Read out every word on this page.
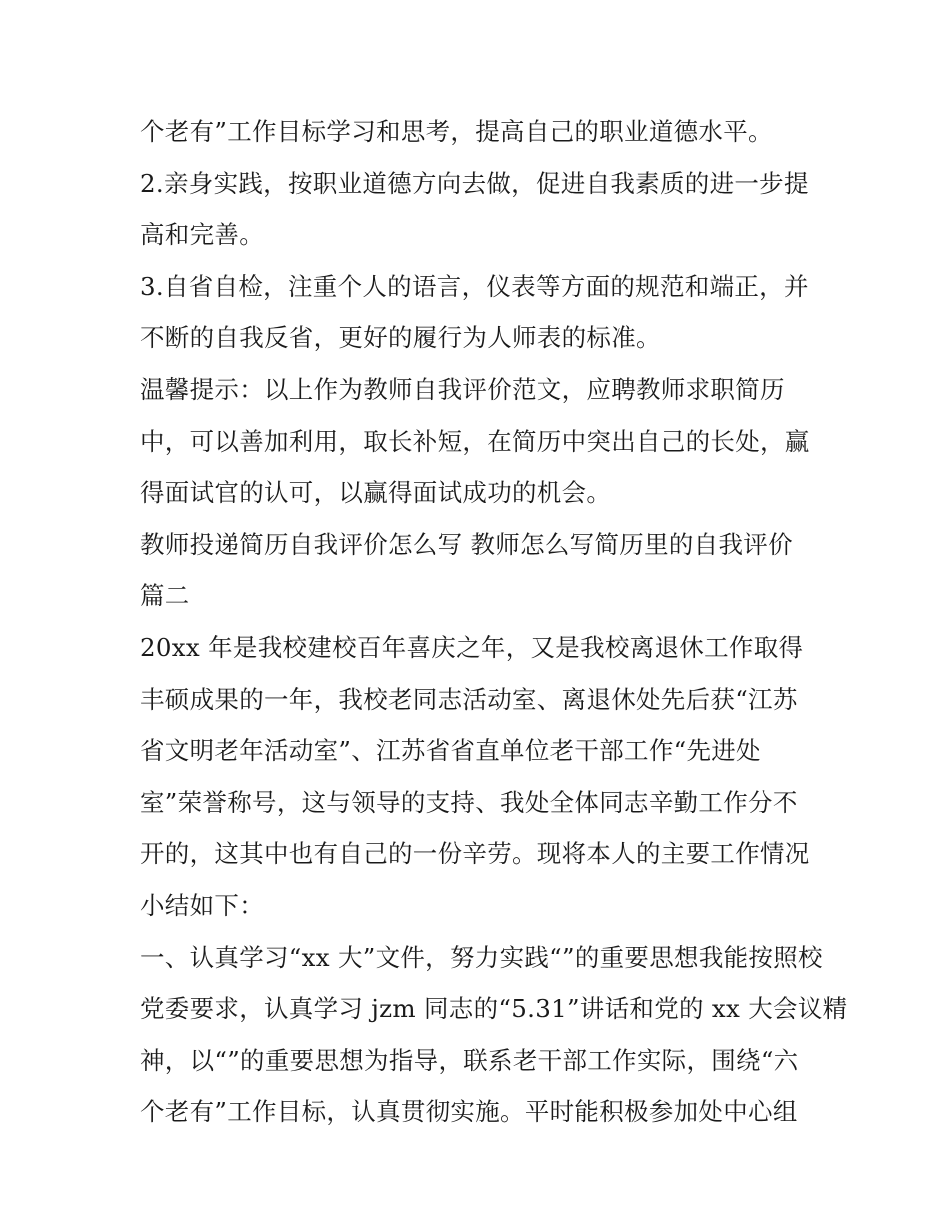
个老有”工作目标学习和思考，提高自己的职业道德水平。
2.亲身实践，按职业道德方向去做，促进自我素质的进一步提
高和完善。
3.自省自检，注重个人的语言，仪表等方面的规范和端正，并
不断的自我反省，更好的履行为人师表的标准。
温馨提示：以上作为教师自我评价范文，应聘教师求职简历
中，可以善加利用，取长补短，在简历中突出自己的长处，赢
得面试官的认可，以赢得面试成功的机会。
教师投递简历自我评价怎么写 教师怎么写简历里的自我评价
篇二
20xx 年是我校建校百年喜庆之年，又是我校离退休工作取得
丰硕成果的一年，我校老同志活动室、离退休处先后获“江苏
省文明老年活动室”、江苏省省直单位老干部工作“先进处
室”荣誉称号，这与领导的支持、我处全体同志辛勤工作分不
开的，这其中也有自己的一份辛劳。现将本人的主要工作情况
小结如下：
一、认真学习“xx 大”文件，努力实践“”的重要思想我能按照校
党委要求，认真学习 jzm 同志的“5.31”讲话和党的 xx 大会议精
神，以“”的重要思想为指导，联系老干部工作实际，围绕“六
个老有”工作目标，认真贯彻实施。平时能积极参加处中心组
